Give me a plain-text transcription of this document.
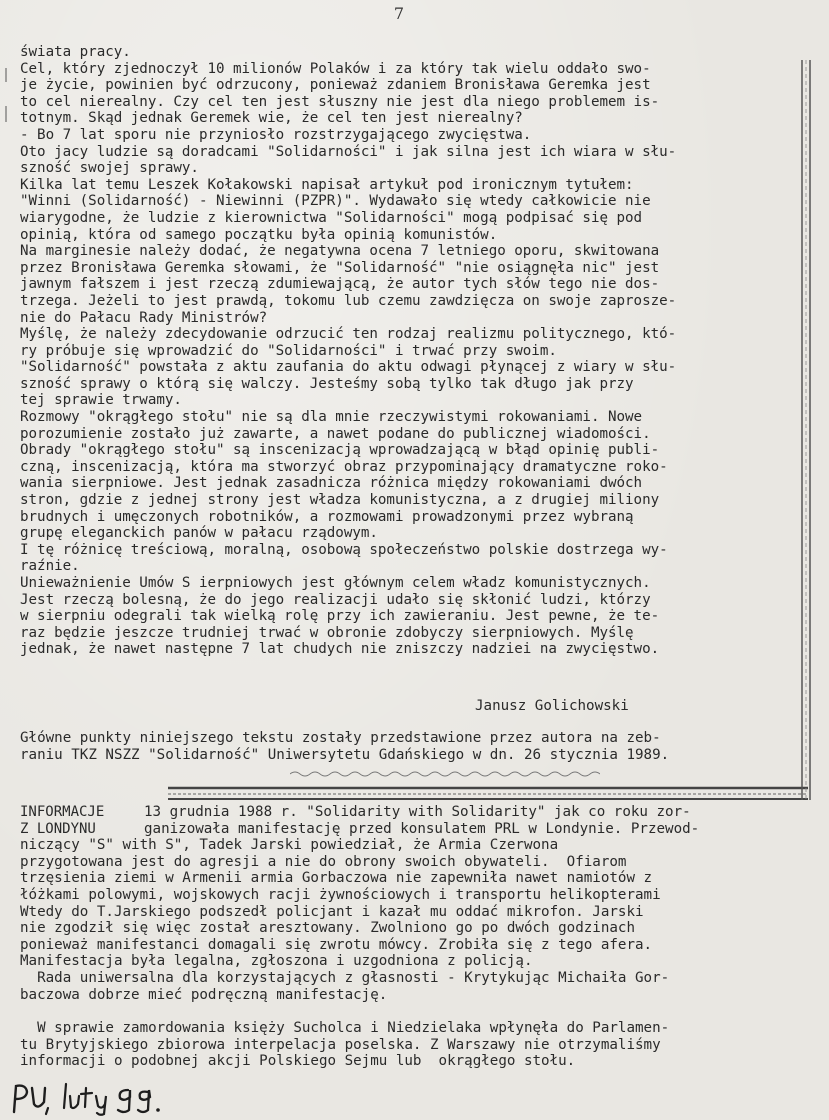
7
świata pracy.
Cel, który zjednoczył 10 milionów Polaków i za który tak wielu oddało swo-
je życie, powinien być odrzucony, ponieważ zdaniem Bronisława Geremka jest
to cel nierealny. Czy cel ten jest słuszny nie jest dla niego problemem is-
totnym. Skąd jednak Geremek wie, że cel ten jest nierealny?
- Bo 7 lat sporu nie przyniosło rozstrzygającego zwycięstwa.
Oto jacy ludzie są doradcami "Solidarności" i jak silna jest ich wiara w słu-
szność swojej sprawy.
Kilka lat temu Leszek Kołakowski napisał artykuł pod ironicznym tytułem:
"Winni (Solidarność) - Niewinni (PZPR)". Wydawało się wtedy całkowicie nie
wiarygodne, że ludzie z kierownictwa "Solidarności" mogą podpisać się pod
opinią, która od samego początku była opinią komunistów.
Na marginesie należy dodać, że negatywna ocena 7 letniego oporu, skwitowana
przez Bronisława Geremka słowami, że "Solidarność" "nie osiągnęła nic" jest
jawnym fałszem i jest rzeczą zdumiewającą, że autor tych słów tego nie dos-
trzega. Jeżeli to jest prawdą, tokomu lub czemu zawdzięcza on swoje zaprosze-
nie do Pałacu Rady Ministrów?
Myślę, że należy zdecydowanie odrzucić ten rodzaj realizmu politycznego, któ-
ry próbuje się wprowadzić do "Solidarności" i trwać przy swoim.
"Solidarność" powstała z aktu zaufania do aktu odwagi płynącej z wiary w słu-
szność sprawy o którą się walczy. Jesteśmy sobą tylko tak długo jak przy
tej sprawie trwamy.
Rozmowy "okrągłego stołu" nie są dla mnie rzeczywistymi rokowaniami. Nowe
porozumienie zostało już zawarte, a nawet podane do publicznej wiadomości.
Obrady "okrągłego stołu" są inscenizacją wprowadzającą w błąd opinię publi-
czną, inscenizacją, która ma stworzyć obraz przypominający dramatyczne roko-
wania sierpniowe. Jest jednak zasadnicza różnica między rokowaniami dwóch
stron, gdzie z jednej strony jest władza komunistyczna, a z drugiej miliony
brudnych i umęczonych robotników, a rozmowami prowadzonymi przez wybraną
grupę eleganckich panów w pałacu rządowym.
I tę różnicę treściową, moralną, osobową społeczeństwo polskie dostrzega wy-
raźnie.
Unieważnienie Umów S ierpniowych jest głównym celem władz komunistycznych.
Jest rzeczą bolesną, że do jego realizacji udało się skłonić ludzi, którzy
w sierpniu odegrali tak wielką rolę przy ich zawieraniu. Jest pewne, że te-
raz będzie jeszcze trudniej trwać w obronie zdobyczy sierpniowych. Myślę
jednak, że nawet następne 7 lat chudych nie zniszczy nadziei na zwycięstwo.
Janusz Golichowski
Główne punkty niniejszego tekstu zostały przedstawione przez autora na zeb-
raniu TKZ NSZZ "Solidarność" Uniwersytetu Gdańskiego w dn. 26 stycznia 1989.
INFORMACJE
Z LONDYNU
13 grudnia 1988 r. "Solidarity with Solidarity" jak co roku zor-
ganizowała manifestację przed konsulatem PRL w Londynie. Przewod-
niczący "S" with S", Tadek Jarski powiedział, że Armia Czerwona
przygotowana jest do agresji a nie do obrony swoich obywateli.  Ofiarom
trzęsienia ziemi w Armenii armia Gorbaczowa nie zapewniła nawet namiotów z
łóżkami polowymi, wojskowych racji żywnościowych i transportu helikopterami
Wtedy do T.Jarskiego podszedł policjant i kazał mu oddać mikrofon. Jarski
nie zgodził się więc został aresztowany. Zwolniono go po dwóch godzinach
ponieważ manifestanci domagali się zwrotu mówcy. Zrobiła się z tego afera.
Manifestacja była legalna, zgłoszona i uzgodniona z policją.
Rada uniwersalna dla korzystających z głasnosti - Krytykując Michaiła Gor-
baczowa dobrze mieć podręczną manifestację.
W sprawie zamordowania księży Sucholca i Niedzielaka wpłynęła do Parlamen-
tu Brytyjskiego zbiorowa interpelacja poselska. Z Warszawy nie otrzymaliśmy
informacji o podobnej akcji Polskiego Sejmu lub  okrągłego stołu.
